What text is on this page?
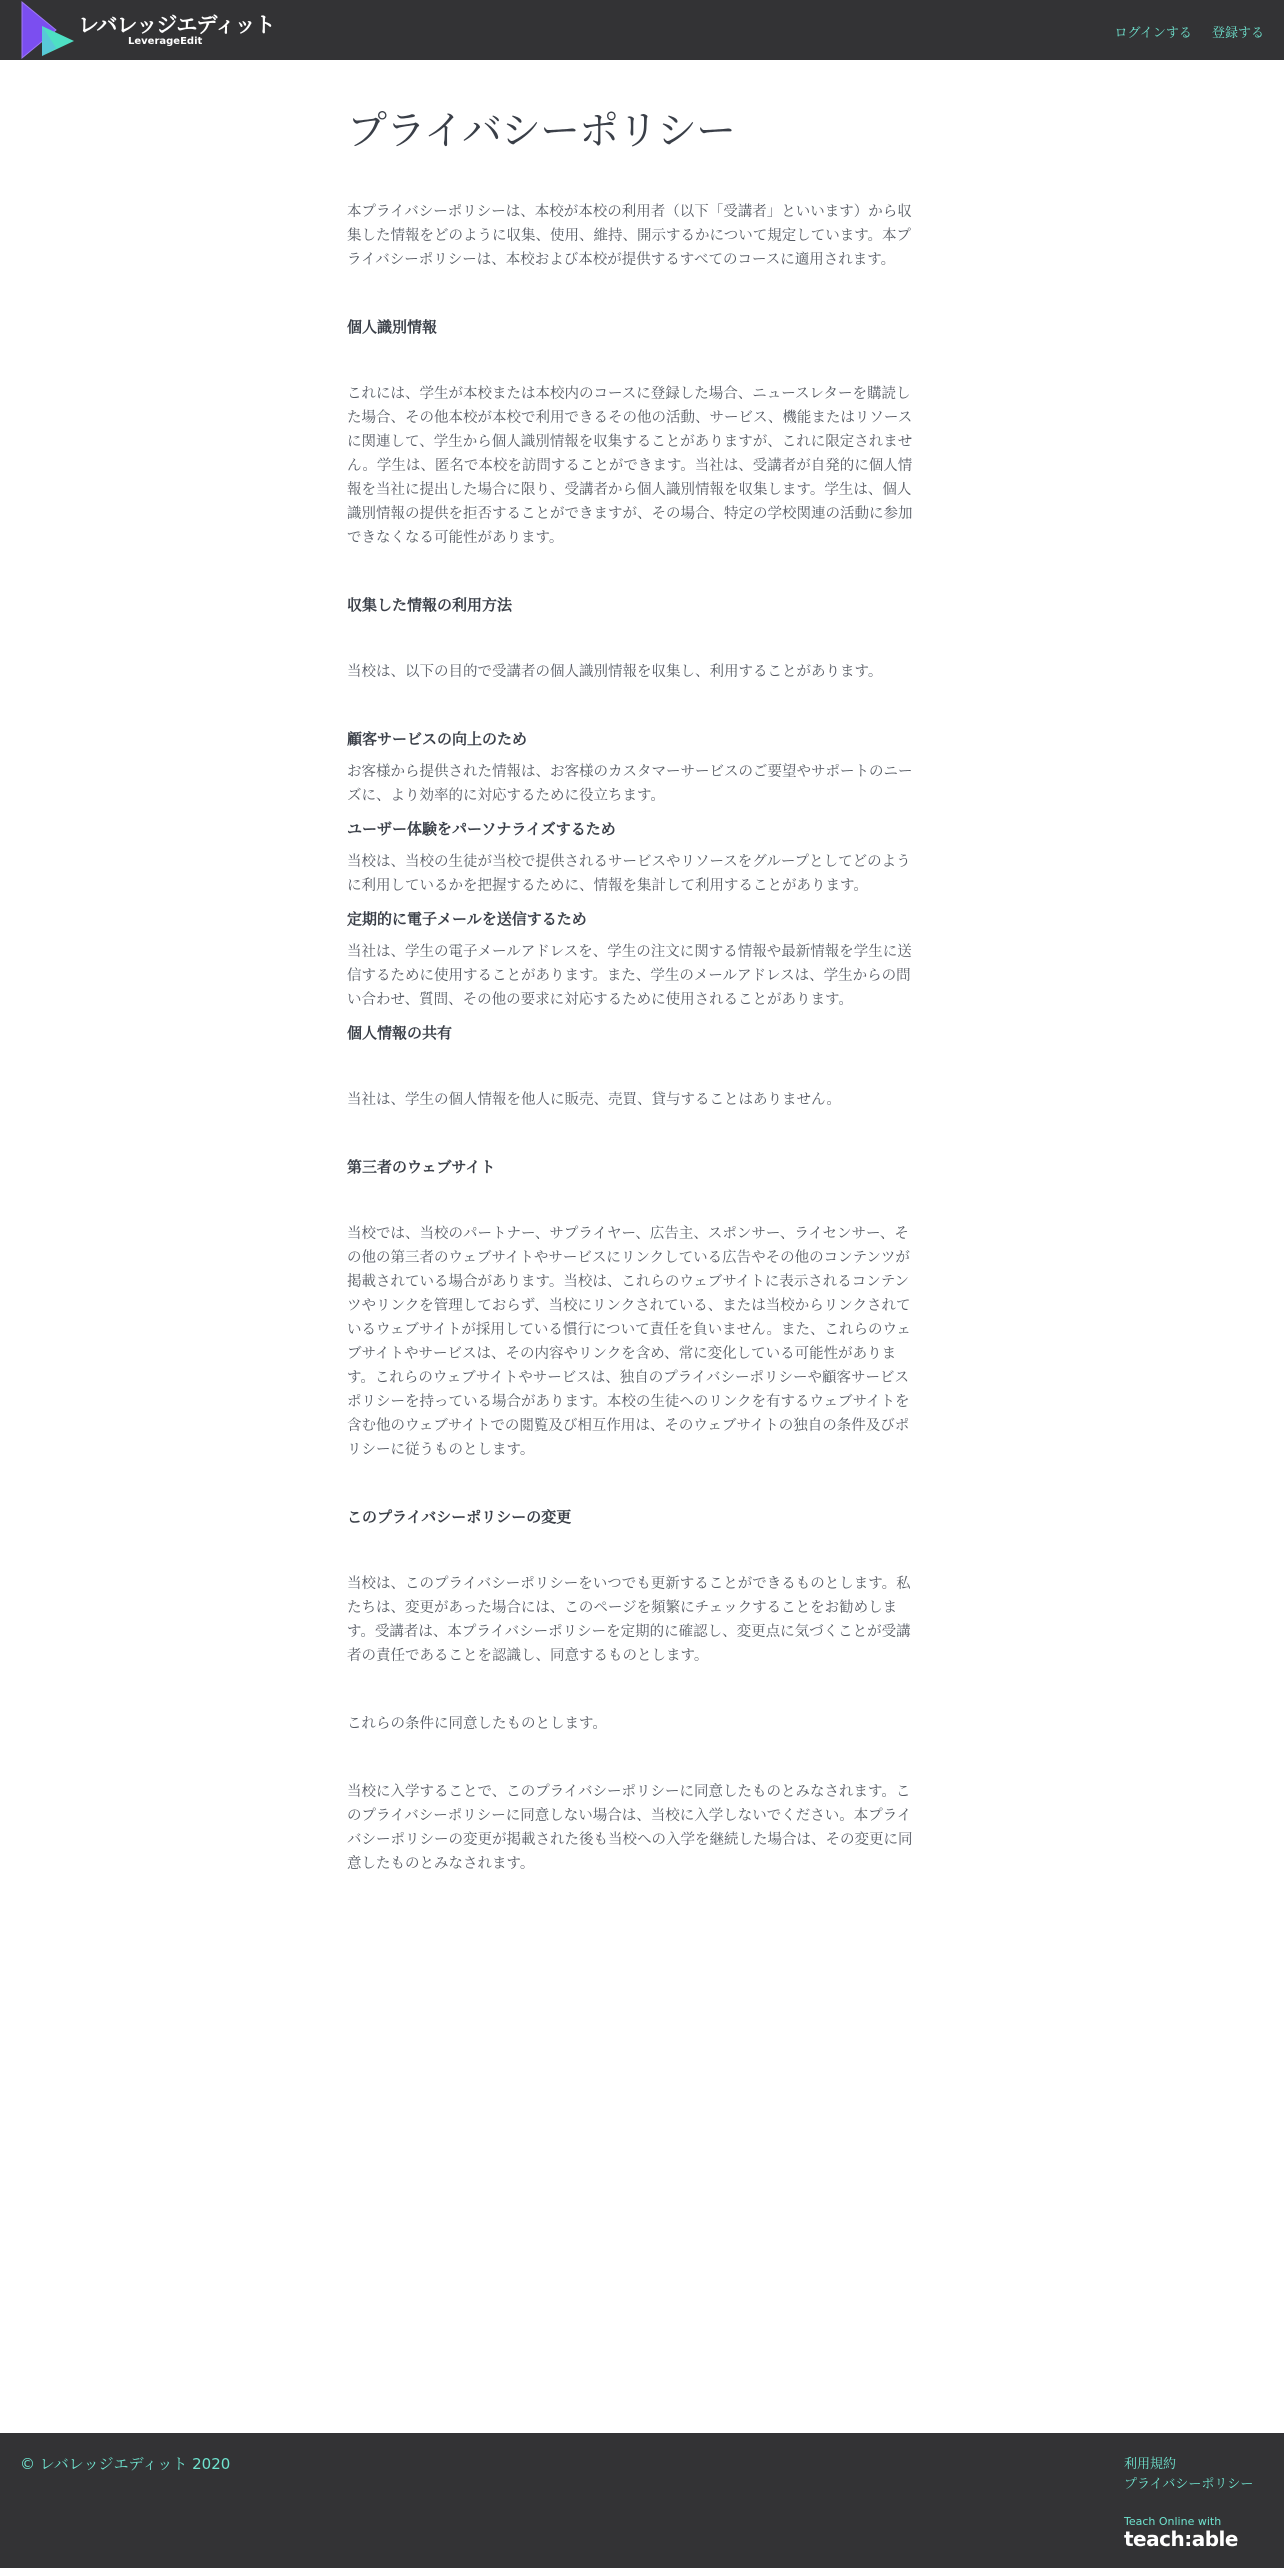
レバレッジエディット
LeverageEdit
ログインする 登録する
プライバシーポリシー

本プライバシーポリシーは、本校が本校の利用者（以下「受講者」といいます）から収集した情報をどのように収集、使用、維持、開示するかについて規定しています。本プライバシーポリシーは、本校および本校が提供するすべてのコースに適用されます。

個人識別情報

これには、学生が本校または本校内のコースに登録した場合、ニュースレターを購読した場合、その他本校が本校で利用できるその他の活動、サービス、機能またはリソースに関連して、学生から個人識別情報を収集することがありますが、これに限定されません。学生は、匿名で本校を訪問することができます。当社は、受講者が自発的に個人情報を当社に提出した場合に限り、受講者から個人識別情報を収集します。学生は、個人識別情報の提供を拒否することができますが、その場合、特定の学校関連の活動に参加できなくなる可能性があります。

収集した情報の利用方法

当校は、以下の目的で受講者の個人識別情報を収集し、利用することがあります。

顧客サービスの向上のため

お客様から提供された情報は、お客様のカスタマーサービスのご要望やサポートのニーズに、より効率的に対応するために役立ちます。

ユーザー体験をパーソナライズするため

当校は、当校の生徒が当校で提供されるサービスやリソースをグループとしてどのように利用しているかを把握するために、情報を集計して利用することがあります。

定期的に電子メールを送信するため

当社は、学生の電子メールアドレスを、学生の注文に関する情報や最新情報を学生に送信するために使用することがあります。また、学生のメールアドレスは、学生からの問い合わせ、質問、その他の要求に対応するために使用されることがあります。

個人情報の共有

当社は、学生の個人情報を他人に販売、売買、貸与することはありません。

第三者のウェブサイト

当校では、当校のパートナー、サプライヤー、広告主、スポンサー、ライセンサー、その他の第三者のウェブサイトやサービスにリンクしている広告やその他のコンテンツが掲載されている場合があります。当校は、これらのウェブサイトに表示されるコンテンツやリンクを管理しておらず、当校にリンクされている、または当校からリンクされているウェブサイトが採用している慣行について責任を負いません。また、これらのウェブサイトやサービスは、その内容やリンクを含め、常に変化している可能性があります。これらのウェブサイトやサービスは、独自のプライバシーポリシーや顧客サービスポリシーを持っている場合があります。本校の生徒へのリンクを有するウェブサイトを含む他のウェブサイトでの閲覧及び相互作用は、そのウェブサイトの独自の条件及びポリシーに従うものとします。

このプライバシーポリシーの変更

当校は、このプライバシーポリシーをいつでも更新することができるものとします。私たちは、変更があった場合には、このページを頻繁にチェックすることをお勧めします。受講者は、本プライバシーポリシーを定期的に確認し、変更点に気づくことが受講者の責任であることを認識し、同意するものとします。

これらの条件に同意したものとします。

当校に入学することで、このプライバシーポリシーに同意したものとみなされます。このプライバシーポリシーに同意しない場合は、当校に入学しないでください。本プライバシーポリシーの変更が掲載された後も当校への入学を継続した場合は、その変更に同意したものとみなされます。

© レバレッジエディット 2020	利用規約
プライバシーポリシー
Teach Online with
teach:able
